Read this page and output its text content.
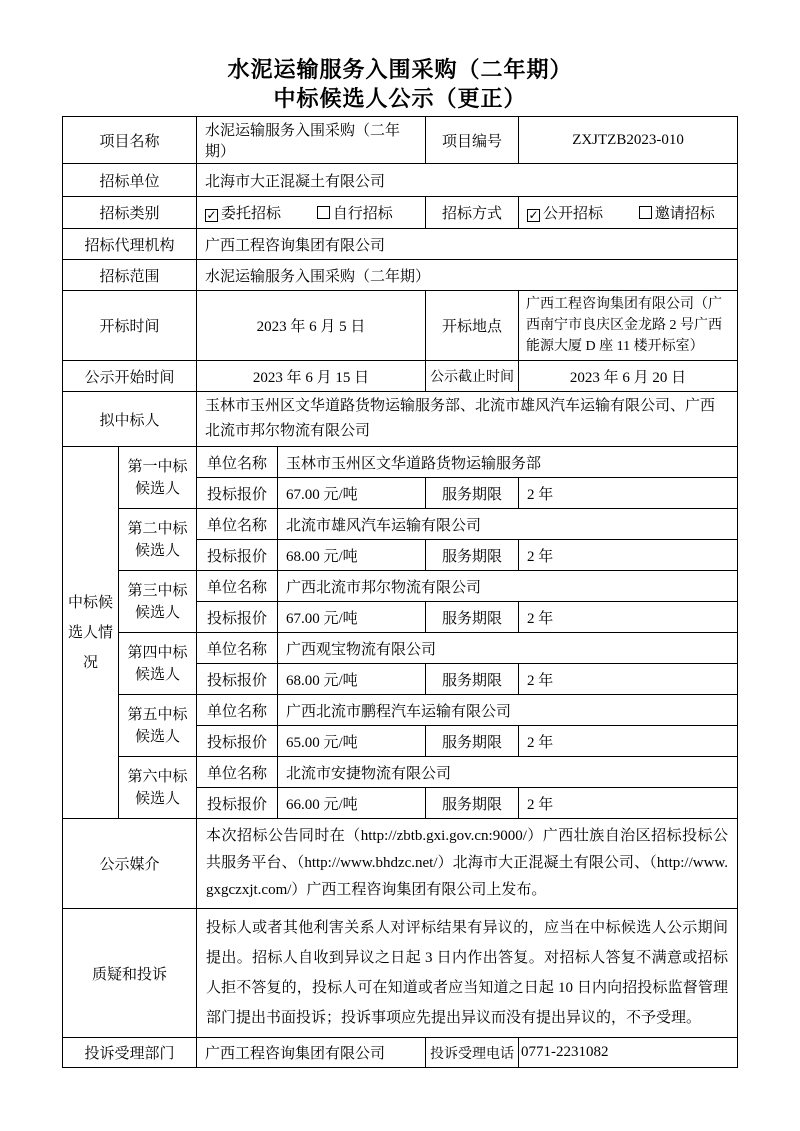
水泥运输服务入围采购（二年期）
中标候选人公示（更正）
项目名称		水泥运输服务入围采购（二年期）		项目编号	ZXJTZB2023-010
招标单位		北海市大正混凝土有限公司			
招标类别		✓ 委托招标 自行招标		招标方式	✓ 公开招标 邀请招标
招标代理机构		广西工程咨询集团有限公司			
招标范围		水泥运输服务入围采购（二年期）			
开标时间		2023 年 6 月 5 日		开标地点	广西工程咨询集团有限公司（广西南宁市良庆区金龙路 2 号广西能源大厦 D 座 11 楼开标室）
公示开始时间		2023 年 6 月 15 日		公示截止时间	2023 年 6 月 20 日
拟中标人		玉林市玉州区文华道路货物运输服务部、北流市雄风汽车运输有限公司、广西北流市邦尔物流有限公司			
中标候选人情况	第一中标候选人	单位名称	玉林市玉州区文华道路货物运输服务部		
		投标报价	67.00 元/吨	服务期限	2 年
	第二中标候选人	单位名称	北流市雄风汽车运输有限公司		
		投标报价	68.00 元/吨	服务期限	2 年
	第三中标候选人	单位名称	广西北流市邦尔物流有限公司		
		投标报价	67.00 元/吨	服务期限	2 年
	第四中标候选人	单位名称	广西观宝物流有限公司		
		投标报价	68.00 元/吨	服务期限	2 年
	第五中标候选人	单位名称	广西北流市鹏程汽车运输有限公司		
		投标报价	65.00 元/吨	服务期限	2 年
	第六中标候选人	单位名称	北流市安捷物流有限公司		
		投标报价	66.00 元/吨	服务期限	2 年
公示媒介		本次招标公告同时在（http://zbtb.gxi.gov.cn:9000/）广西壮族自治区招标投标公共服务平台、（http://www.bhdzc.net/）北海市大正混凝土有限公司、（http://www.gxgczxjt.com/）广西工程咨询集团有限公司上发布。			
质疑和投诉		投标人或者其他利害关系人对评标结果有异议的，应当在中标候选人公示期间提出。招标人自收到异议之日起 3 日内作出答复。对招标人答复不满意或招标人拒不答复的，投标人可在知道或者应当知道之日起 10 日内向招投标监督管理部门提出书面投诉；投诉事项应先提出异议而没有提出异议的，不予受理。			
投诉受理部门		广西工程咨询集团有限公司		投诉受理电话	0771-2231082
